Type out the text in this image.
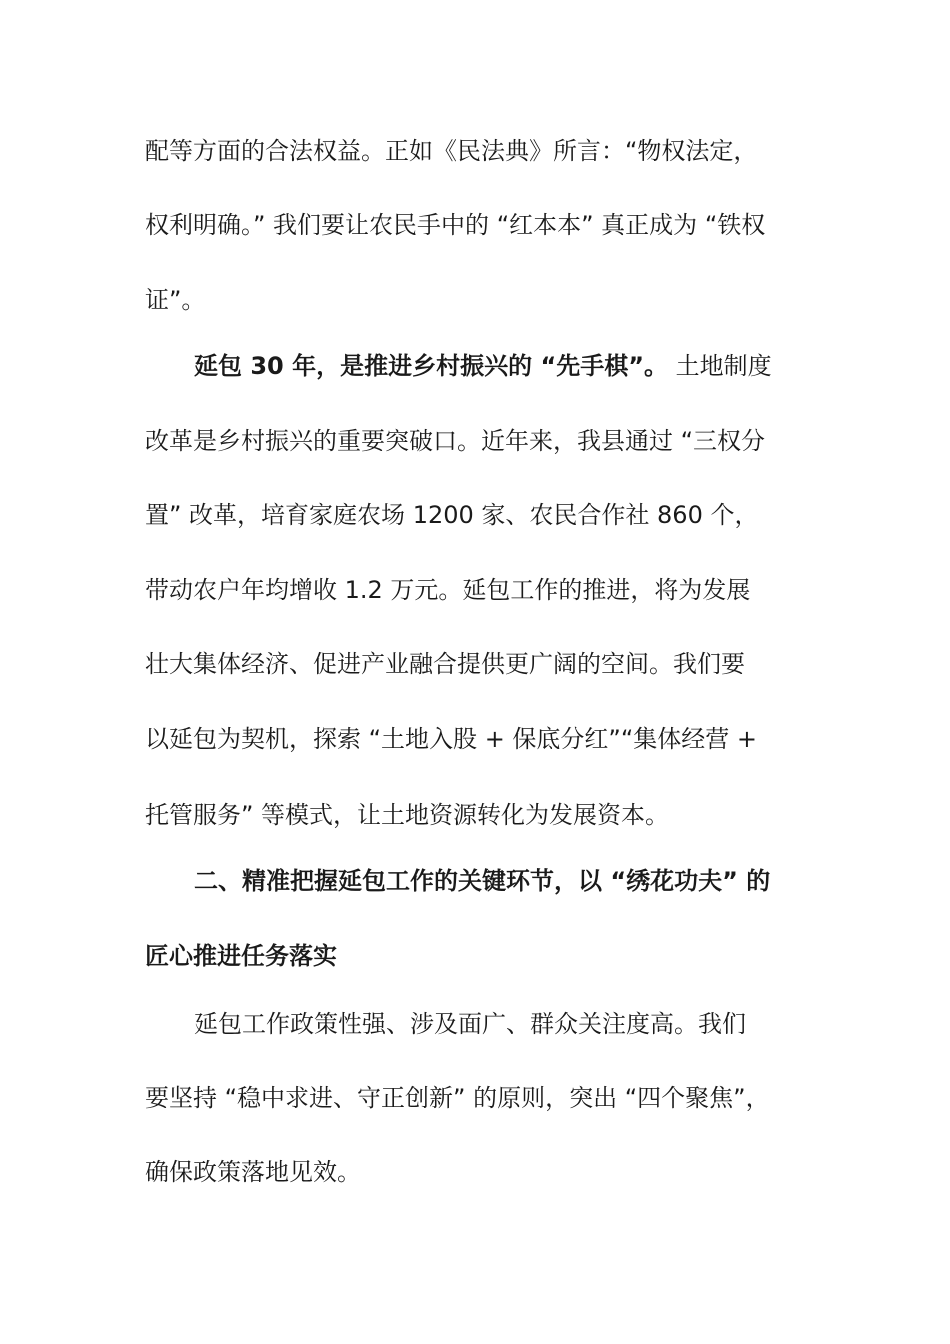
配等方面的合法权益。正如《民法典》所言：“物权法定，
权利明确。” 我们要让农民手中的 “红本本” 真正成为 “铁权
证”。
延包 30 年，是推进乡村振兴的 “先手棋”。 土地制度
改革是乡村振兴的重要突破口。近年来，我县通过 “三权分
置” 改革，培育家庭农场 1200 家、农民合作社 860 个，
带动农户年均增收 1.2 万元。延包工作的推进，将为发展
壮大集体经济、促进产业融合提供更广阔的空间。我们要
以延包为契机，探索 “土地入股 + 保底分红”“集体经营 +
托管服务” 等模式，让土地资源转化为发展资本。
二、精准把握延包工作的关键环节，以 “绣花功夫” 的
匠心推进任务落实
延包工作政策性强、涉及面广、群众关注度高。我们
要坚持 “稳中求进、守正创新” 的原则，突出 “四个聚焦”，
确保政策落地见效。
